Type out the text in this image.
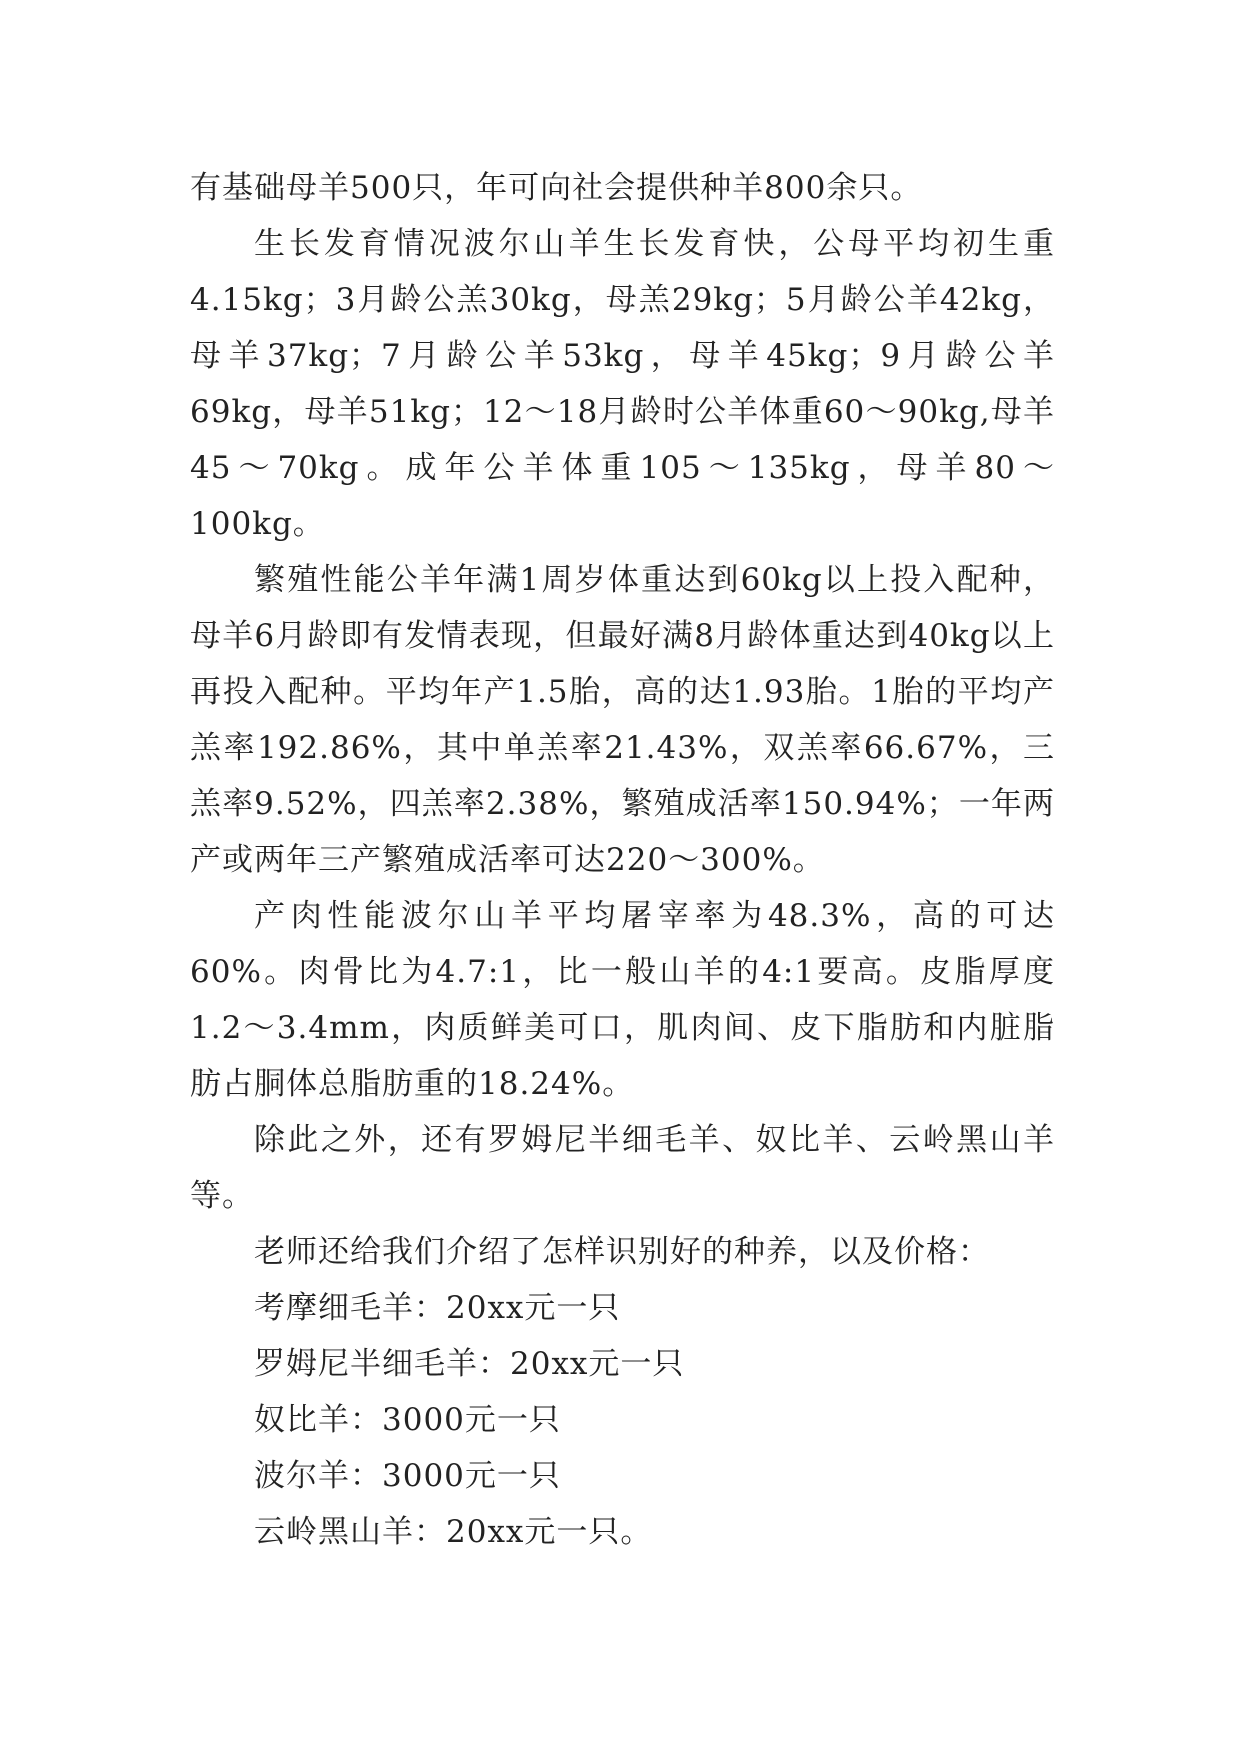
有基础母羊500只，年可向社会提供种羊800余只。

生长发育情况波尔山羊生长发育快，公母平均初生重4.15kg；3月龄公羔30kg，母羔29kg；5月龄公羊42kg，母羊37kg；7月龄公羊53kg，母羊45kg；9月龄公羊69kg，母羊51kg；12～18月龄时公羊体重60～90kg,母羊45～70kg。成年公羊体重105～135kg，母羊80～100kg。

繁殖性能公羊年满1周岁体重达到60kg以上投入配种，母羊6月龄即有发情表现，但最好满8月龄体重达到40kg以上再投入配种。平均年产1.5胎，高的达1.93胎。1胎的平均产羔率192.86%，其中单羔率21.43%，双羔率66.67%，三羔率9.52%，四羔率2.38%，繁殖成活率150.94%；一年两产或两年三产繁殖成活率可达220～300%。

产肉性能波尔山羊平均屠宰率为48.3%，高的可达60%。肉骨比为4.7:1，比一般山羊的4:1要高。皮脂厚度1.2～3.4mm，肉质鲜美可口，肌肉间、皮下脂肪和内脏脂肪占胴体总脂肪重的18.24%。

除此之外，还有罗姆尼半细毛羊、奴比羊、云岭黑山羊等。

老师还给我们介绍了怎样识别好的种养，以及价格：

考摩细毛羊：20xx元一只

罗姆尼半细毛羊：20xx元一只

奴比羊：3000元一只

波尔羊：3000元一只

云岭黑山羊：20xx元一只。
